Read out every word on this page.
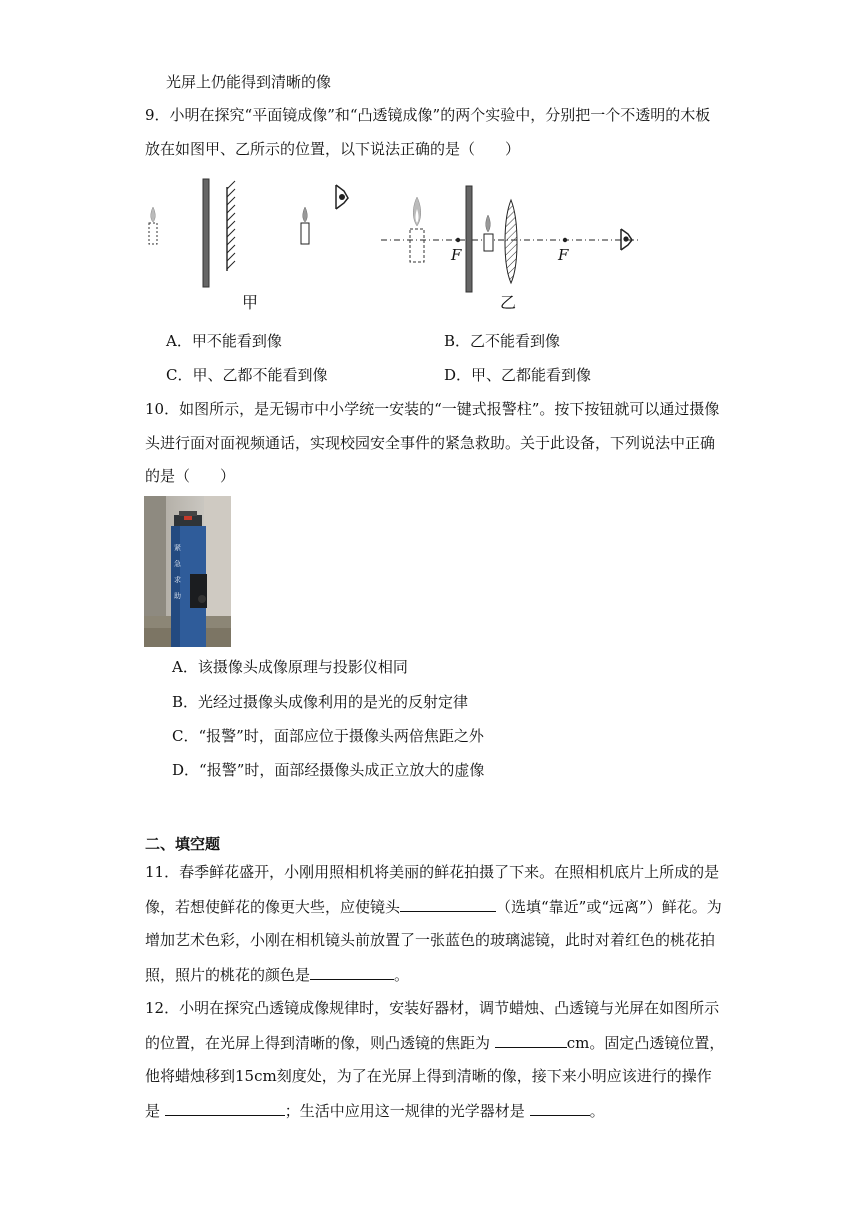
光屏上仍能得到清晰的像
9．小明在探究“平面镜成像”和“凸透镜成像”的两个实验中，分别把一个不透明的木板
放在如图甲、乙所示的位置，以下说法正确的是（　　）
甲
F	F
乙
A．甲不能看到像	B．乙不能看到像
C．甲、乙都不能看到像	D．甲、乙都能看到像
10．如图所示，是无锡市中小学统一安装的“一键式报警柱”。按下按钮就可以通过摄像
头进行面对面视频通话，实现校园安全事件的紧急救助。关于此设备，下列说法中正确
的是（　　）
紧
急
求
助
A．该摄像头成像原理与投影仪相同
B．光经过摄像头成像利用的是光的反射定律
C．“报警”时，面部应位于摄像头两倍焦距之外
D．“报警”时，面部经摄像头成正立放大的虚像
二、填空题
11．春季鲜花盛开，小刚用照相机将美丽的鲜花拍摄了下来。在照相机底片上所成的是
像，若想使鲜花的像更大些，应使镜头	（选填“靠近”或“远离”）鲜花。为
增加艺术色彩，小刚在相机镜头前放置了一张蓝色的玻璃滤镜，此时对着红色的桃花拍
照，照片的桃花的颜色是	。
12．小明在探究凸透镜成像规律时，安装好器材，调节蜡烛、凸透镜与光屏在如图所示
的位置，在光屏上得到清晰的像，则凸透镜的焦距为	cm。固定凸透镜位置，
他将蜡烛移到15cm刻度处，为了在光屏上得到清晰的像，接下来小明应该进行的操作
是	；生活中应用这一规律的光学器材是	。
